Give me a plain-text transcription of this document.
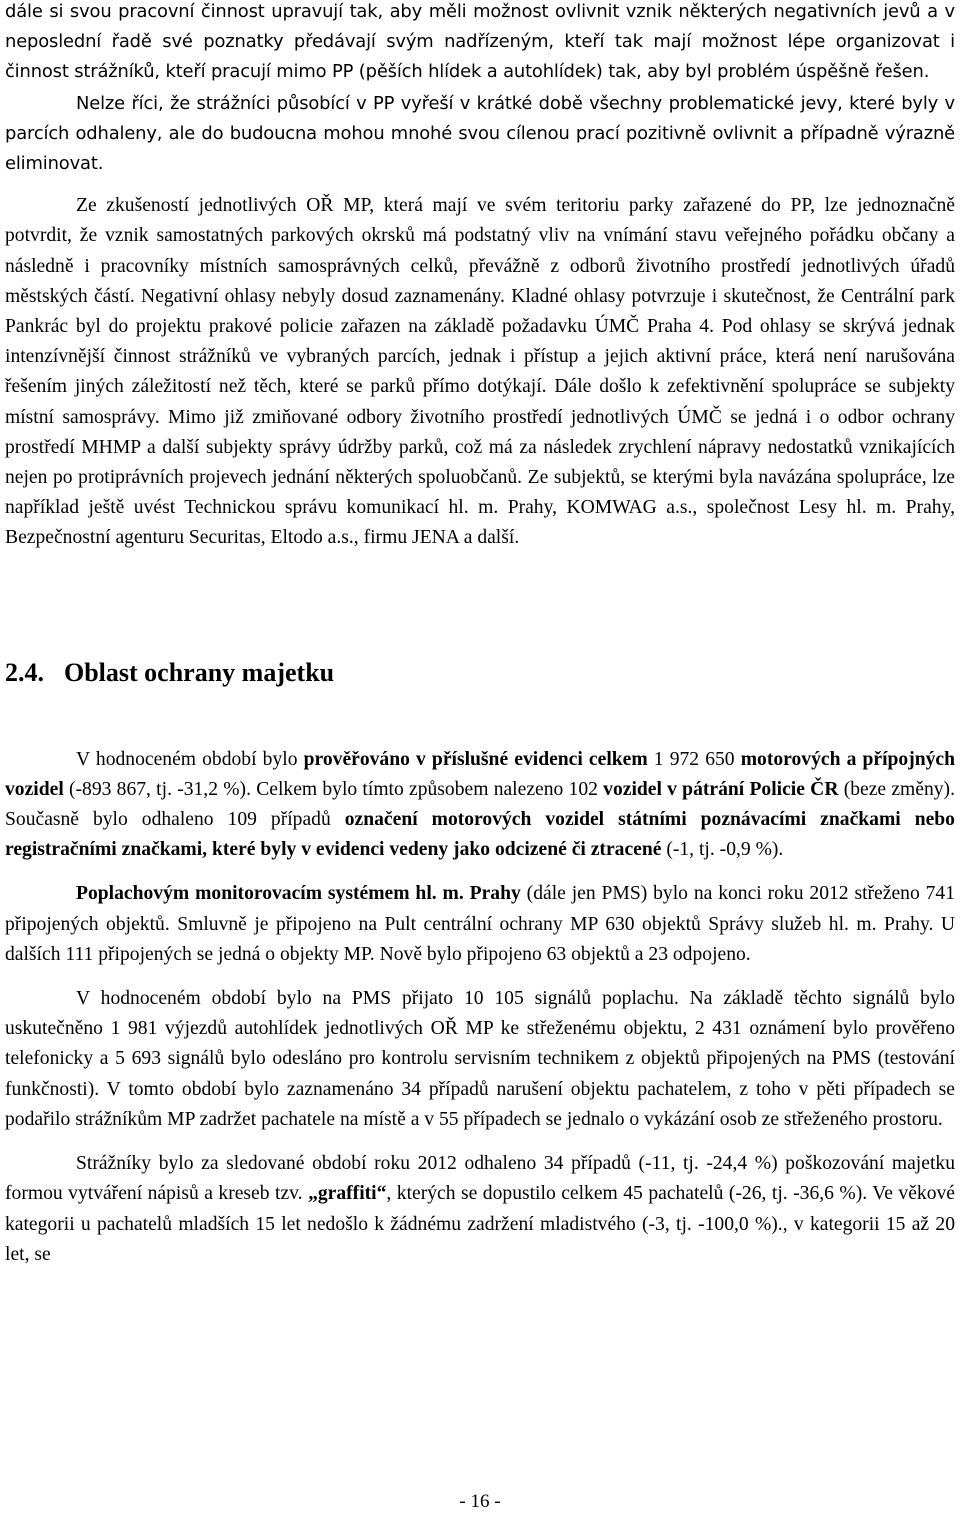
dále si svou pracovní činnost upravují tak, aby měli možnost ovlivnit vznik některých negativních jevů a v neposlední řadě své poznatky předávají svým nadřízeným, kteří tak mají možnost lépe organizovat i činnost strážníků, kteří pracují mimo PP (pěších hlídek a autohlídek) tak, aby byl problém úspěšně řešen.

Nelze říci, že strážníci působící v PP vyřeší v krátké době všechny problematické jevy, které byly v parcích odhaleny, ale do budoucna mohou mnohé svou cílenou prací pozitivně ovlivnit a případně výrazně eliminovat.

Ze zkušeností jednotlivých OŘ MP, která mají ve svém teritoriu parky zařazené do PP, lze jednoznačně potvrdit, že vznik samostatných parkových okrsků má podstatný vliv na vnímání stavu veřejného pořádku občany a následně i pracovníky místních samosprávných celků, převážně z odborů životního prostředí jednotlivých úřadů městských částí. Negativní ohlasy nebyly dosud zaznamenány. Kladné ohlasy potvrzuje i skutečnost, že Centrální park Pankrác byl do projektu prakové policie zařazen na základě požadavku ÚMČ Praha 4. Pod ohlasy se skrývá jednak intenzívnější činnost strážníků ve vybraných parcích, jednak i přístup a jejich aktivní práce, která není narušována řešením jiných záležitostí než těch, které se parků přímo dotýkají. Dále došlo k zefektivnění spolupráce se subjekty místní samosprávy. Mimo již zmiňované odbory životního prostředí jednotlivých ÚMČ se jedná i o odbor ochrany prostředí MHMP a další subjekty správy údržby parků, což má za následek zrychlení nápravy nedostatků vznikajících nejen po protiprávních projevech jednání některých spoluobčanů. Ze subjektů, se kterými byla navázána spolupráce, lze například ještě uvést Technickou správu komunikací hl. m. Prahy, KOMWAG a.s., společnost Lesy hl. m. Prahy, Bezpečnostní agenturu Securitas, Eltodo a.s., firmu JENA a další.

2.4. Oblast ochrany majetku

V hodnoceném období bylo prověřováno v příslušné evidenci celkem 1 972 650 motorových a přípojných vozidel (-893 867, tj. -31,2 %). Celkem bylo tímto způsobem nalezeno 102 vozidel v pátrání Policie ČR (beze změny). Současně bylo odhaleno 109 případů označení motorových vozidel státními poznávacími značkami nebo registračními značkami, které byly v evidenci vedeny jako odcizené či ztracené (-1, tj. -0,9 %).

Poplachovým monitorovacím systémem hl. m. Prahy (dále jen PMS) bylo na konci roku 2012 střeženo 741 připojených objektů. Smluvně je připojeno na Pult centrální ochrany MP 630 objektů Správy služeb hl. m. Prahy. U dalších 111 připojených se jedná o objekty MP. Nově bylo připojeno 63 objektů a 23 odpojeno.

V hodnoceném období bylo na PMS přijato 10 105 signálů poplachu. Na základě těchto signálů bylo uskutečněno 1 981 výjezdů autohlídek jednotlivých OŘ MP ke střeženému objektu, 2 431 oznámení bylo prověřeno telefonicky a 5 693 signálů bylo odesláno pro kontrolu servisním technikem z objektů připojených na PMS (testování funkčnosti). V tomto období bylo zaznamenáno 34 případů narušení objektu pachatelem, z toho v pěti případech se podařilo strážníkům MP zadržet pachatele na místě a v 55 případech se jednalo o vykázání osob ze střeženého prostoru.

Strážníky bylo za sledované období roku 2012 odhaleno 34 případů (-11, tj. -24,4 %) poškozování majetku formou vytváření nápisů a kreseb tzv. „graffiti“, kterých se dopustilo celkem 45 pachatelů (-26, tj. -36,6 %). Ve věkové kategorii u pachatelů mladších 15 let nedošlo k žádnému zadržení mladistvého (-3, tj. -100,0 %)., v kategorii 15 až 20 let, se

- 16 -
